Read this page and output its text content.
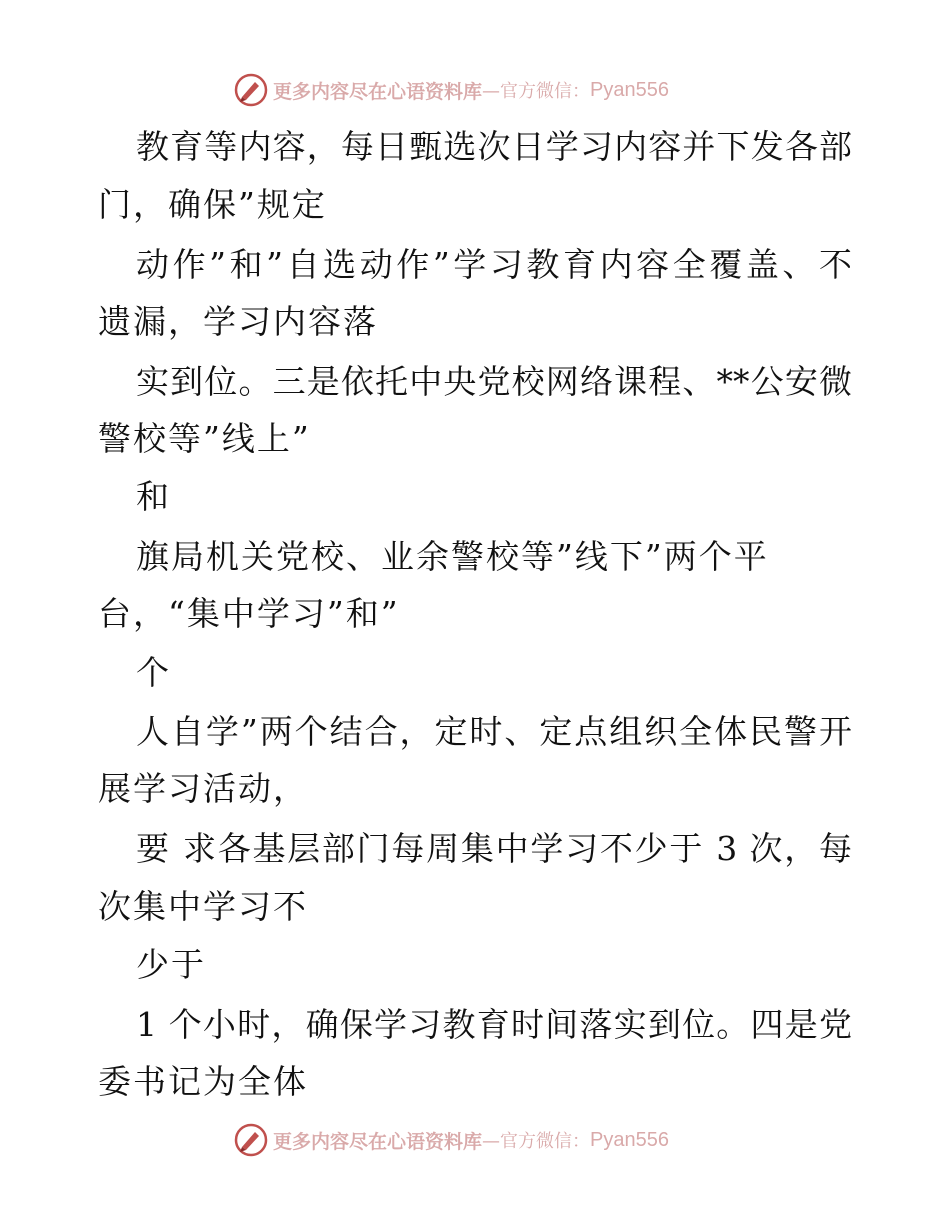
更多内容尽在心语资料库 —官方微信： Pyan556
教育等内容，每日甄选次日学习内容并下发各部
门，确保”规定
动作”和”自选动作”学习教育内容全覆盖、不
遗漏，学习内容落
实到位。三是依托中央党校网络课程、**公安微
警校等”线上”
和
旗局机关党校、业余警校等”线下”两个平
台，“集中学习”和”
个
人自学”两个结合，定时、定点组织全体民警开
展学习活动，
要 求各基层部门每周集中学习不少于 3 次，每
次集中学习不
少于
1 个小时，确保学习教育时间落实到位。四是党
委书记为全体
更多内容尽在心语资料库 —官方微信： Pyan556
